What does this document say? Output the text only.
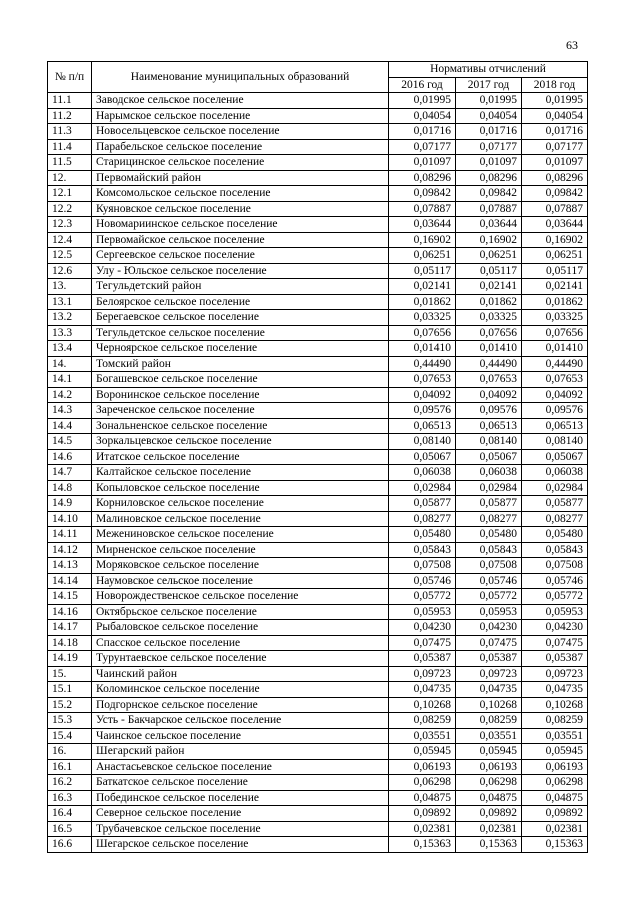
63
№ п/п	Наименование муниципальных образований	Нормативы отчислений		
		2016 год	2017 год	2018 год
11.1	Заводское сельское поселение	0,01995	0,01995	0,01995
11.2	Нарымское сельское поселение	0,04054	0,04054	0,04054
11.3	Новосельцевское сельское поселение	0,01716	0,01716	0,01716
11.4	Парабельское сельское поселение	0,07177	0,07177	0,07177
11.5	Старицинское сельское поселение	0,01097	0,01097	0,01097
12.	Первомайский район	0,08296	0,08296	0,08296
12.1	Комсомольское сельское поселение	0,09842	0,09842	0,09842
12.2	Куяновское сельское поселение	0,07887	0,07887	0,07887
12.3	Новомариинское сельское поселение	0,03644	0,03644	0,03644
12.4	Первомайское сельское поселение	0,16902	0,16902	0,16902
12.5	Сергеевское сельское поселение	0,06251	0,06251	0,06251
12.6	Улу - Юльское сельское поселение	0,05117	0,05117	0,05117
13.	Тегульдетский район	0,02141	0,02141	0,02141
13.1	Белоярское сельское поселение	0,01862	0,01862	0,01862
13.2	Берегаевское сельское поселение	0,03325	0,03325	0,03325
13.3	Тегульдетское сельское поселение	0,07656	0,07656	0,07656
13.4	Черноярское сельское поселение	0,01410	0,01410	0,01410
14.	Томский район	0,44490	0,44490	0,44490
14.1	Богашевское сельское поселение	0,07653	0,07653	0,07653
14.2	Воронинское сельское поселение	0,04092	0,04092	0,04092
14.3	Зареченское сельское поселение	0,09576	0,09576	0,09576
14.4	Зональненское сельское поселение	0,06513	0,06513	0,06513
14.5	Зоркальцевское сельское поселение	0,08140	0,08140	0,08140
14.6	Итатское сельское поселение	0,05067	0,05067	0,05067
14.7	Калтайское сельское поселение	0,06038	0,06038	0,06038
14.8	Копыловское сельское поселение	0,02984	0,02984	0,02984
14.9	Корниловское сельское поселение	0,05877	0,05877	0,05877
14.10	Малиновское сельское поселение	0,08277	0,08277	0,08277
14.11	Межениновское сельское поселение	0,05480	0,05480	0,05480
14.12	Мирненское сельское поселение	0,05843	0,05843	0,05843
14.13	Моряковское сельское поселение	0,07508	0,07508	0,07508
14.14	Наумовское сельское поселение	0,05746	0,05746	0,05746
14.15	Новорождественское сельское поселение	0,05772	0,05772	0,05772
14.16	Октябрьское сельское поселение	0,05953	0,05953	0,05953
14.17	Рыбаловское сельское поселение	0,04230	0,04230	0,04230
14.18	Спасское сельское поселение	0,07475	0,07475	0,07475
14.19	Турунтаевское сельское поселение	0,05387	0,05387	0,05387
15.	Чаинский район	0,09723	0,09723	0,09723
15.1	Коломинское сельское поселение	0,04735	0,04735	0,04735
15.2	Подгорнское сельское поселение	0,10268	0,10268	0,10268
15.3	Усть - Бакчарское сельское поселение	0,08259	0,08259	0,08259
15.4	Чаинское сельское поселение	0,03551	0,03551	0,03551
16.	Шегарский район	0,05945	0,05945	0,05945
16.1	Анастасьевское сельское поселение	0,06193	0,06193	0,06193
16.2	Баткатское сельское поселение	0,06298	0,06298	0,06298
16.3	Побединское сельское поселение	0,04875	0,04875	0,04875
16.4	Северное сельское поселение	0,09892	0,09892	0,09892
16.5	Трубачевское сельское поселение	0,02381	0,02381	0,02381
16.6	Шегарское сельское поселение	0,15363	0,15363	0,15363
